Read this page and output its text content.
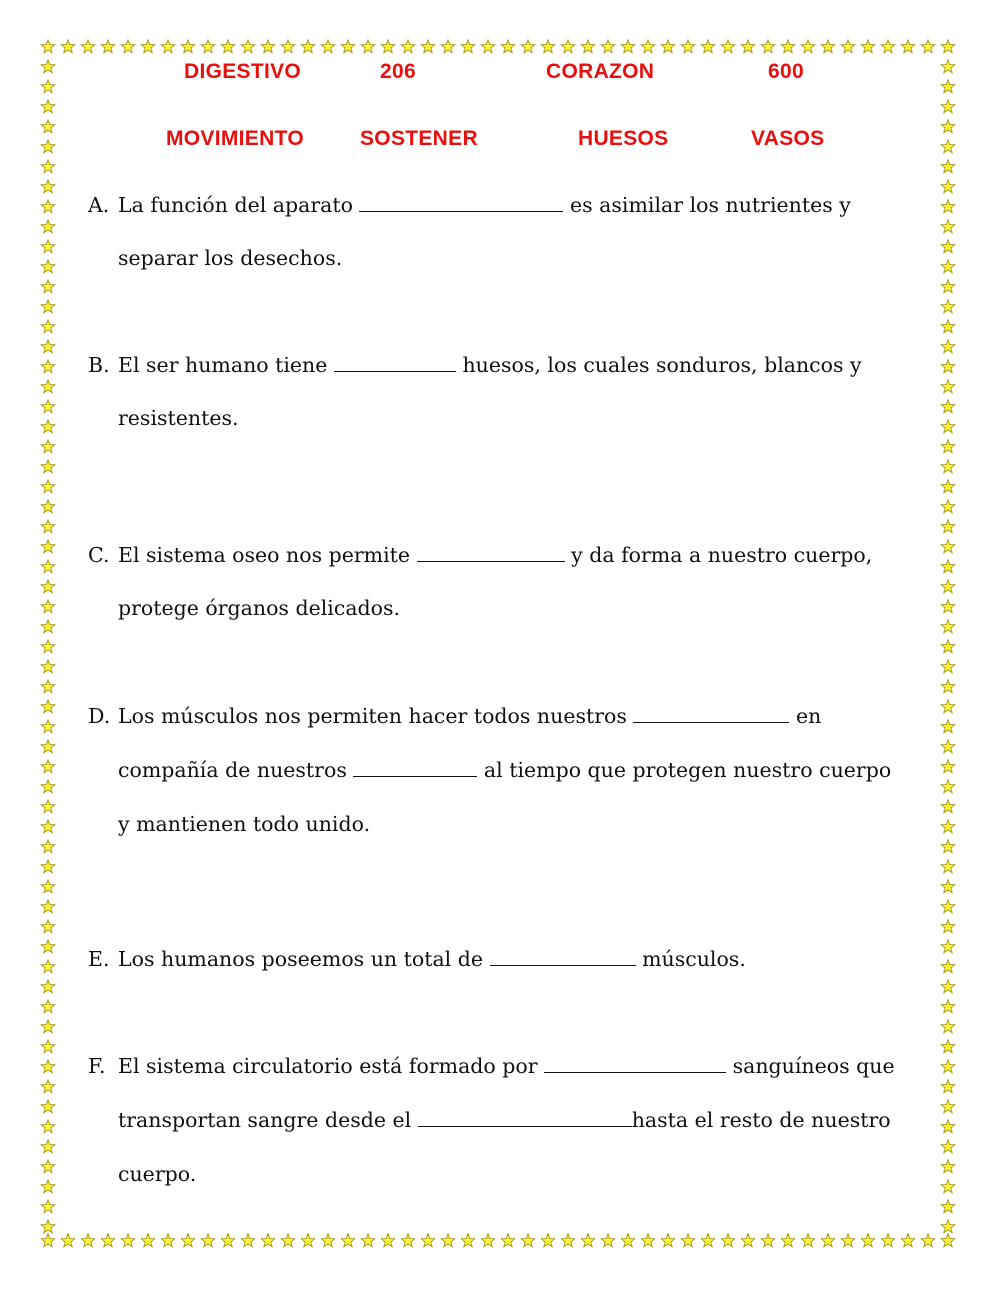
DIGESTIVO	206	CORAZON	600
MOVIMIENTO	SOSTENER	HUESOS	VASOS
A. La función del aparato	es asimilar los nutrientes y
separar los desechos.
B. El ser humano tiene	huesos, los cuales sonduros, blancos y
resistentes.
C. El sistema oseo nos permite	y da forma a nuestro cuerpo,
protege órganos delicados.
D. Los músculos nos permiten hacer todos nuestros	en
compañía de nuestros	al tiempo que protegen nuestro cuerpo
y mantienen todo unido.
E. Los humanos poseemos un total de	músculos.
F. El sistema circulatorio está formado por	sanguíneos que
transportan sangre desde el	hasta el resto de nuestro
cuerpo.
